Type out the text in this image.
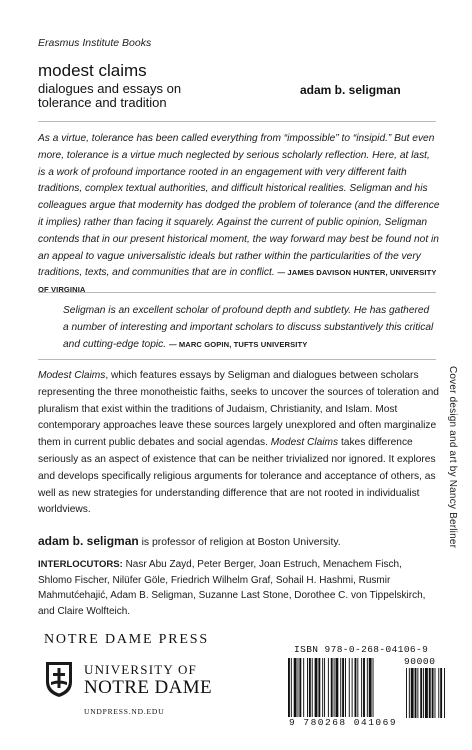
Erasmus Institute Books
modest claims
dialogues and essays on
tolerance and tradition
adam b. seligman
As a virtue, tolerance has been called everything from “impossible” to “insipid.” But even more, tolerance is a virtue much neglected by serious scholarly reflection. Here, at last, is a work of profound importance rooted in an engagement with very different faith traditions, complex textual authorities, and difficult historical realities. Seligman and his colleagues argue that modernity has dodged the problem of tolerance (and the difference it implies) rather than facing it squarely. Against the current of public opinion, Seligman contends that in our present historical moment, the way forward may best be found not in an appeal to vague universalistic ideals but rather within the particularities of the very traditions, texts, and communities that are in conflict. — JAMES DAVISON HUNTER, UNIVERSITY OF VIRGINIA
Seligman is an excellent scholar of profound depth and subtlety. He has gathered a number of interesting and important scholars to discuss substantively this critical and cutting-edge topic. — MARC GOPIN, TUFTS UNIVERSITY
Modest Claims, which features essays by Seligman and dialogues between scholars representing the three monotheistic faiths, seeks to uncover the sources of toleration and pluralism that exist within the traditions of Judaism, Christianity, and Islam. Most contemporary approaches leave these sources largely unexplored and often marginalize them in current public debates and social agendas. Modest Claims takes difference seriously as an aspect of existence that can be neither trivialized nor ignored. It explores and develops specifically religious arguments for tolerance and acceptance of others, as well as new strategies for understanding difference that are not rooted in individualist worldviews.
adam b. seligman is professor of religion at Boston University.
INTERLOCUTORS: Nasr Abu Zayd, Peter Berger, Joan Estruch, Menachem Fisch, Shlomo Fischer, Nilüfer Göle, Friedrich Wilhelm Graf, Sohail H. Hashmi, Rusmir Mahmutćehajić, Adam B. Seligman, Suzanne Last Stone, Dorothee C. von Tippelskirch, and Claire Wolfteich.
Cover design and art by Nancy Berliner
NOTRE DAME PRESS
UNIVERSITY OF
NOTRE DAME
UNDPRESS.ND.EDU
ISBN 978-0-268-04106-9
90000
9 780268 041069
